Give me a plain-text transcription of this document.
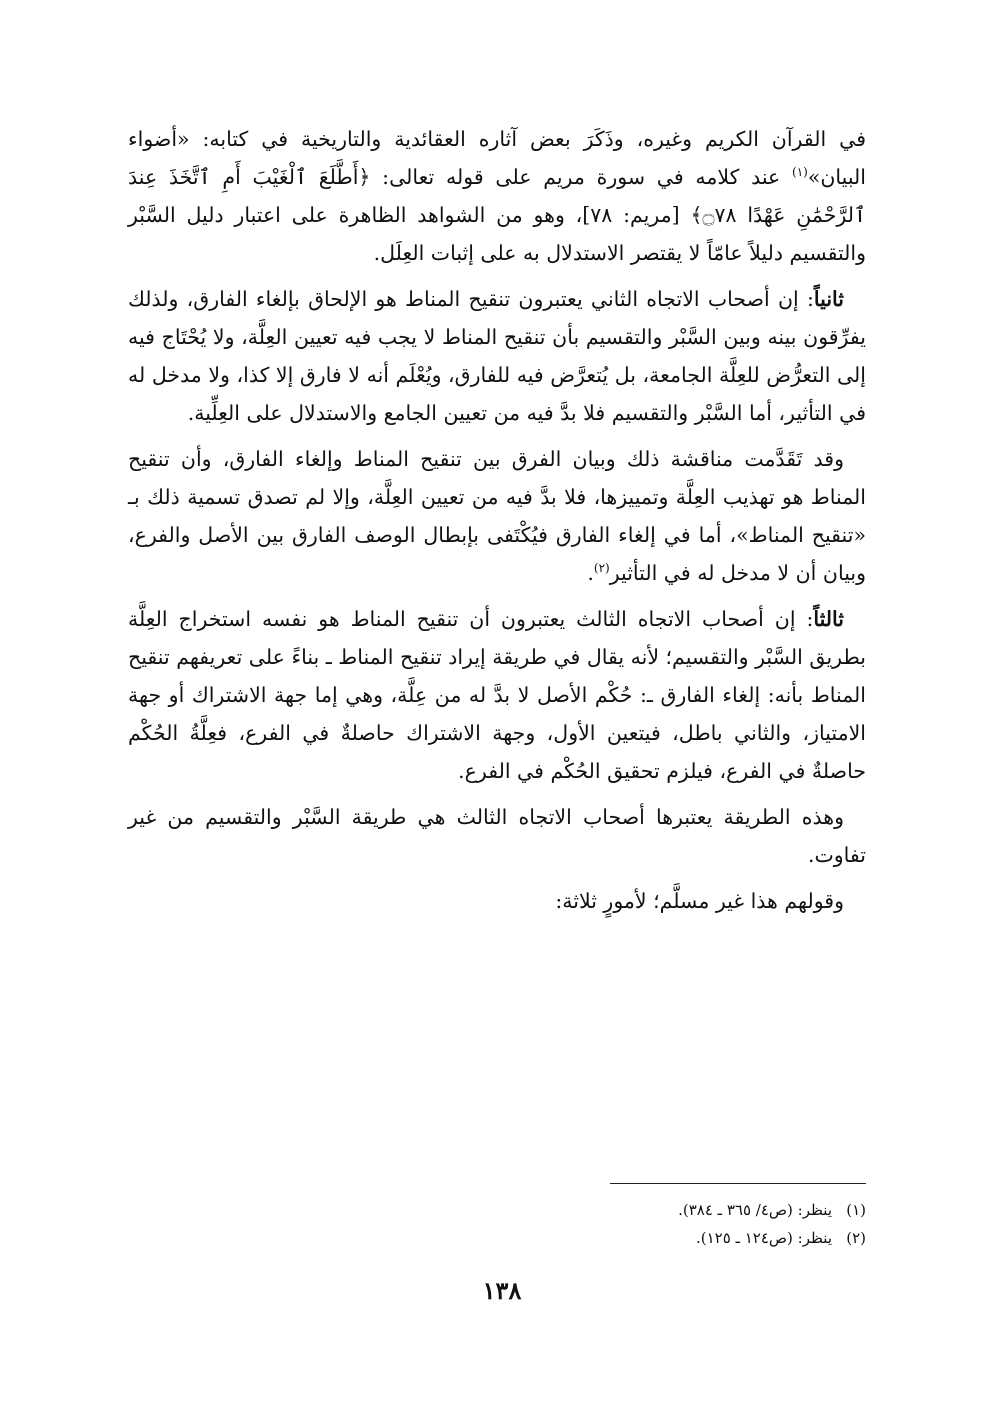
في القرآن الكريم وغيره، وذَكَرَ بعض آثاره العقائدية والتاريخية في كتابه: «أضواء البيان»$^{(١)}$ عند كلامه في سورة مريم على قوله تعالى: ﴿أَطَّلَعَ ٱلْغَيْبَ أَمِ ٱتَّخَذَ عِندَ ٱلرَّحْمَٰنِ عَهْدًا ۝٧٨﴾ [مريم: ٧٨]، وهو من الشواهد الظاهرة على اعتبار دليل السَّبْر والتقسيم دليلاً عامّاً لا يقتصر الاستدلال به على إثبات العِلَل.

ثانياً: إن أصحاب الاتجاه الثاني يعتبرون تنقيح المناط هو الإلحاق بإلغاء الفارق، ولذلك يفرِّقون بينه وبين السَّبْر والتقسيم بأن تنقيح المناط لا يجب فيه تعيين العِلَّة، ولا يُحْتَاج فيه إلى التعرُّض للعِلَّة الجامعة، بل يُتعرَّض فيه للفارق، ويُعْلَم أنه لا فارق إلا كذا، ولا مدخل له في التأثير، أما السَّبْر والتقسيم فلا بدَّ فيه من تعيين الجامع والاستدلال على العِلِّية.

وقد تَقَدَّمت مناقشة ذلك وبيان الفرق بين تنقيح المناط وإلغاء الفارق، وأن تنقيح المناط هو تهذيب العِلَّة وتمييزها، فلا بدَّ فيه من تعيين العِلَّة، وإلا لم تصدق تسمية ذلك بـ «تنقيح المناط»، أما في إلغاء الفارق فيُكْتَفى بإبطال الوصف الفارق بين الأصل والفرع، وبيان أن لا مدخل له في التأثير$^{(٢)}$.

ثالثاً: إن أصحاب الاتجاه الثالث يعتبرون أن تنقيح المناط هو نفسه استخراج العِلَّة بطريق السَّبْر والتقسيم؛ لأنه يقال في طريقة إيراد تنقيح المناط ـ بناءً على تعريفهم تنقيح المناط بأنه: إلغاء الفارق ـ: حُكْم الأصل لا بدَّ له من عِلَّة، وهي إما جهة الاشتراك أو جهة الامتياز، والثاني باطل، فيتعين الأول، وجهة الاشتراك حاصلةٌ في الفرع، فعِلَّةُ الحُكْم حاصلةٌ في الفرع، فيلزم تحقيق الحُكْم في الفرع.

وهذه الطريقة يعتبرها أصحاب الاتجاه الثالث هي طريقة السَّبْر والتقسيم من غير تفاوت.

وقولهم هذا غير مسلَّم؛ لأمورٍ ثلاثة:

(١)ينظر: (ص٤/ ٣٦٥ ـ ٣٨٤).

(٢)ينظر: (ص١٢٤ ـ ١٢٥).

١٣٨
